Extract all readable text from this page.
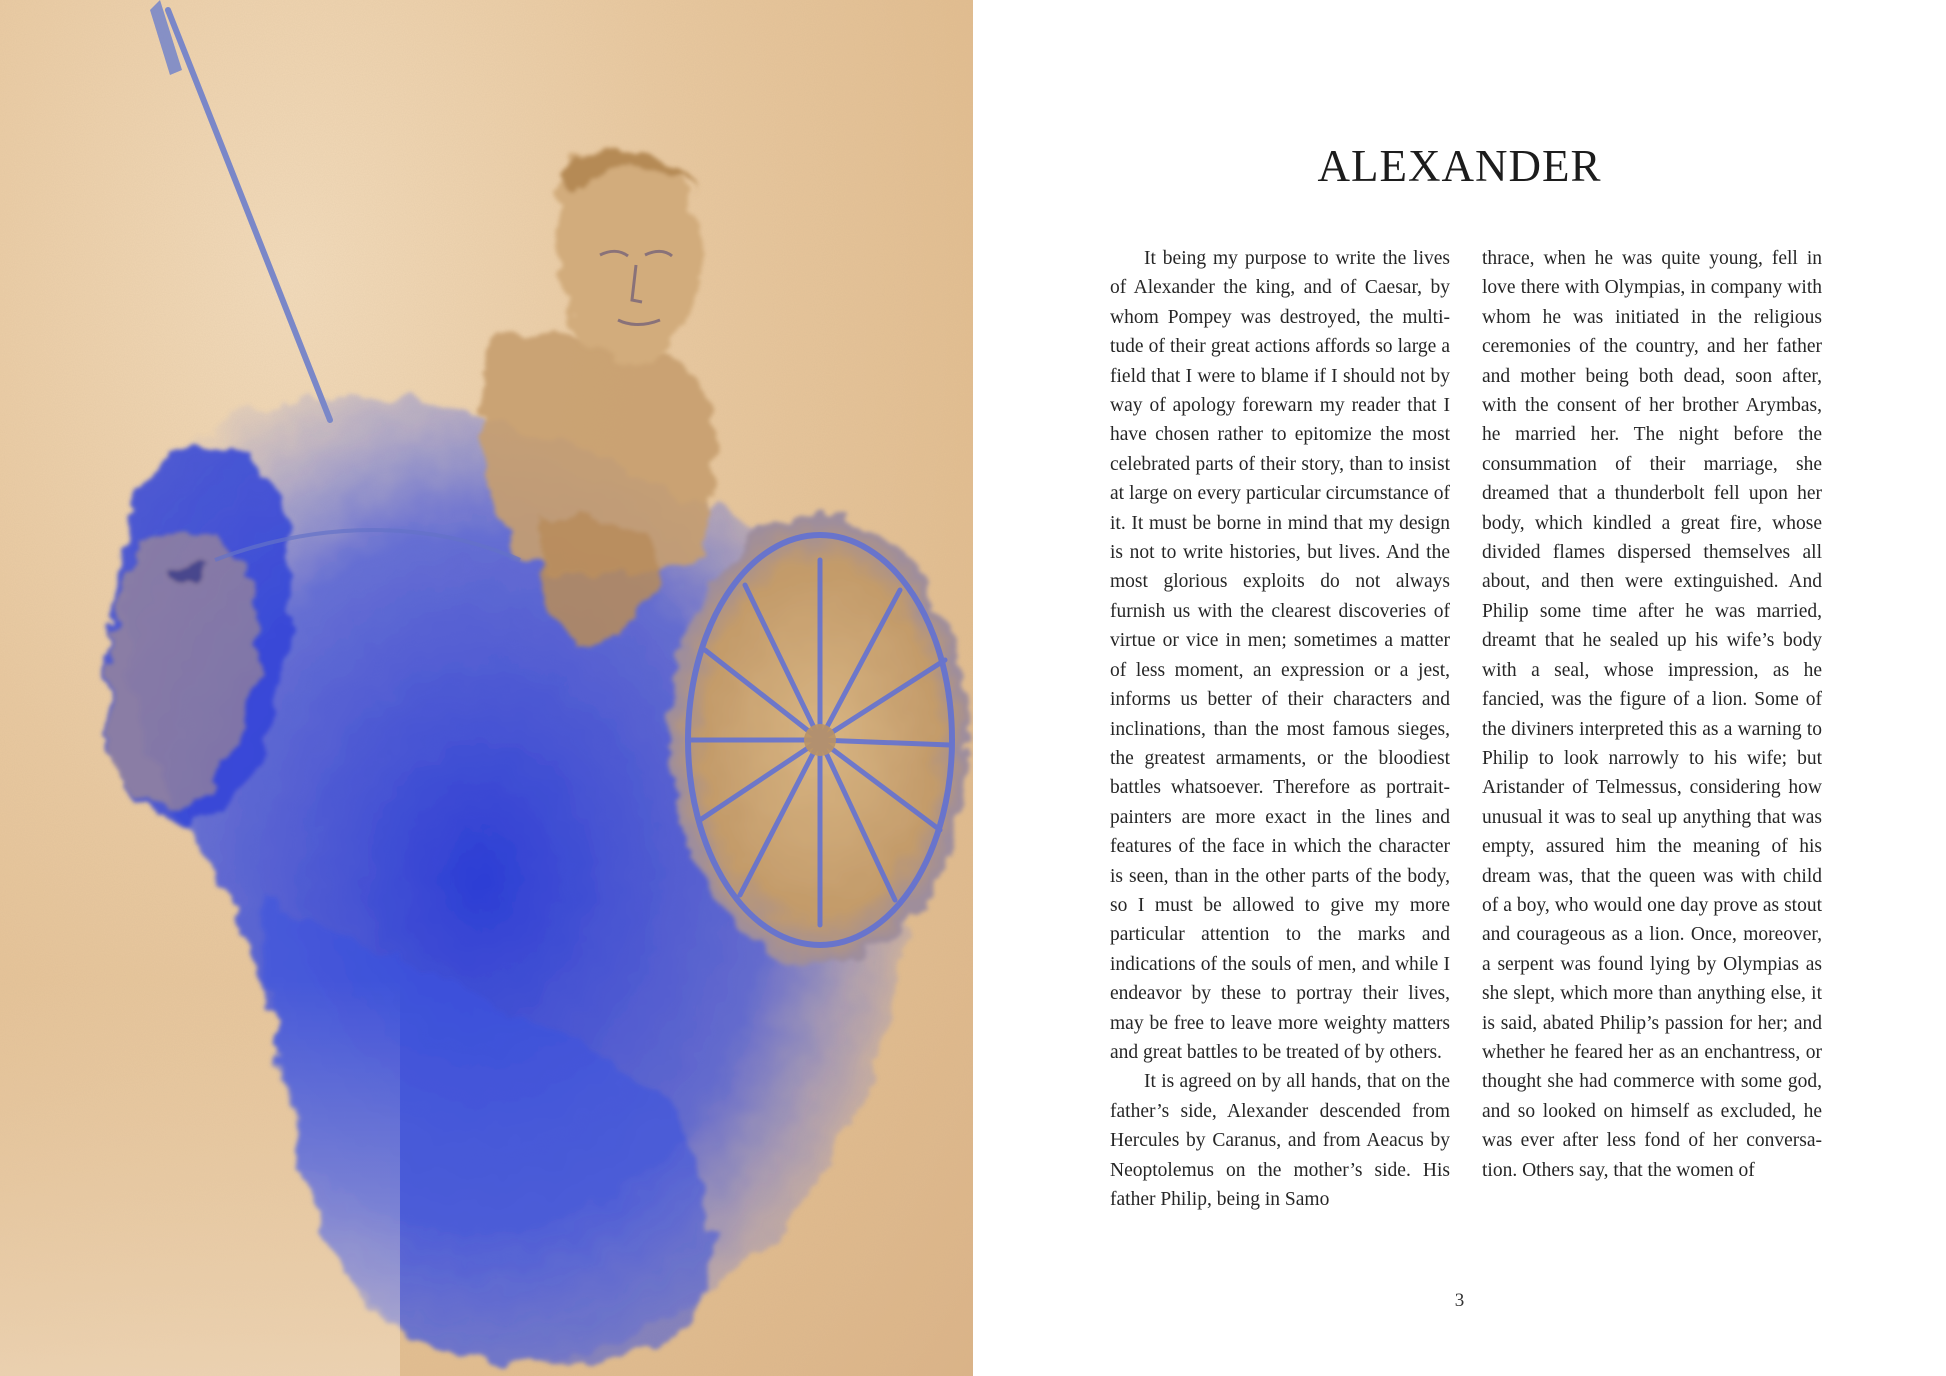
ALEXANDER

It being my purpose to write the lives of Alexander the king, and of Caesar, by whom Pompey was destroyed, the multitude of their great actions affords so large a field that I were to blame if I should not by way of apology forewarn my reader that I have chosen rather to epitomize the most celebrated parts of their story, than to insist at large on every particular circumstance of it. It must be borne in mind that my design is not to write histories, but lives. And the most glorious exploits do not always furnish us with the clearest discoveries of virtue or vice in men; sometimes a matter of less moment, an expression or a jest, informs us better of their characters and inclinations, than the most famous sieges, the greatest armaments, or the bloodiest battles whatsoever. Therefore as portrait-painters are more exact in the lines and features of the face in which the character is seen, than in the other parts of the body, so I must be allowed to give my more particular attention to the marks and indications of the souls of men, and while I endeavor by these to portray their lives, may be free to leave more weighty matters and great battles to be treated of by others.

It is agreed on by all hands, that on the father’s side, Alexander descended from Hercules by Caranus, and from Aeacus by Neoptolemus on the mother’s side. His father Philip, being in Samo

thrace, when he was quite young, fell in love there with Olympias, in company with whom he was initiated in the religious ceremonies of the country, and her father and mother being both dead, soon after, with the consent of her brother Arymbas, he married her. The night before the consummation of their marriage, she dreamed that a thunderbolt fell upon her body, which kindled a great fire, whose divided flames dispersed themselves all about, and then were extinguished. And Philip some time after he was married, dreamt that he sealed up his wife’s body with a seal, whose impression, as he fancied, was the figure of a lion. Some of the diviners interpreted this as a warning to Philip to look narrowly to his wife; but Aristander of Telmessus, considering how unusual it was to seal up anything that was empty, assured him the meaning of his dream was, that the queen was with child of a boy, who would one day prove as stout and courageous as a lion. Once, moreover, a serpent was found lying by Olympias as she slept, which more than anything else, it is said, abated Philip’s passion for her; and whether he feared her as an enchantress, or thought she had commerce with some god, and so looked on himself as excluded, he was ever after less fond of her conversation. Others say, that the women of

3
